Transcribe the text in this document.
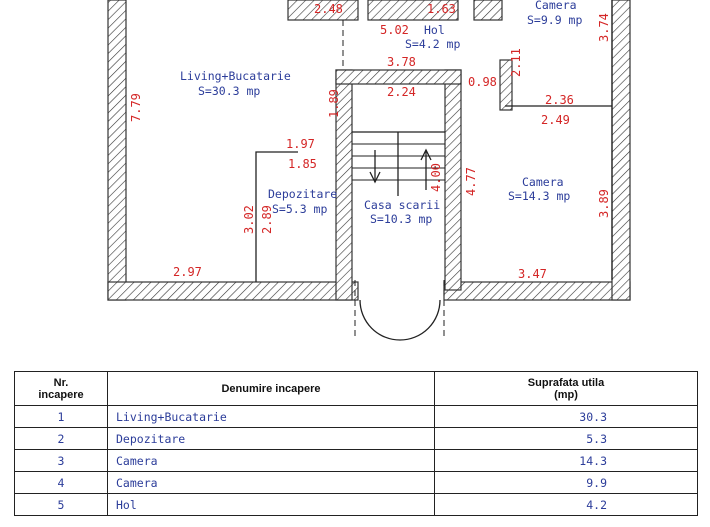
Living+Bucatarie
S=30.3 mp
Depozitare
S=5.3 mp
Camera
S=14.3 mp
Camera
S=9.9 mp
Hol
S=4.2 mp
Casa scarii
S=10.3 mp
2.48	1.63
5.02	3.74
3.78
0.98
2.11
7.79	1.89	2.24
2.36
2.49
1.97
1.85
4.77
4.00
3.89
3.02 2.89
2.97	3.47
Nr.
incapere	Denumire incapere	Suprafata utila
(mp)
1	Living+Bucatarie	30.3
2	Depozitare	5.3
3	Camera	14.3
4	Camera	9.9
5	Hol	4.2
